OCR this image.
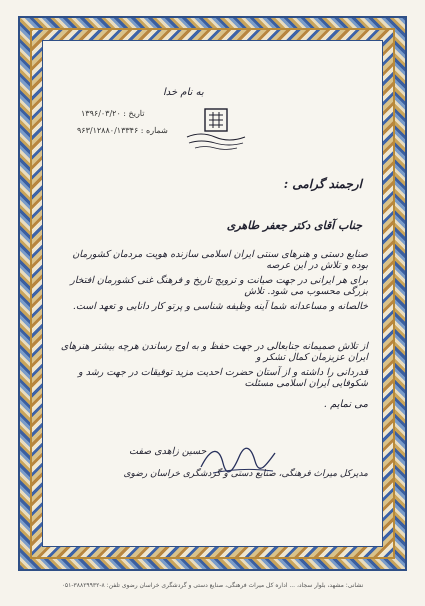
به نام خدا
تاریخ : ۱۳۹۶/۰۳/۲۰
شماره : ۹۶۳/۱۲۸۸۰/۱۳۳۴۶
ارجمند گرامی :
جناب آقای دکتر جعفر طاهری
صنایع دستی و هنرهای سنتی ایران اسلامی سازنده هویت مردمان کشورمان بوده و تلاش در این عرصه
برای هر ایرانی در جهت صیانت و ترویج تاریخ و فرهنگ غنی کشورمان افتخار بزرگی محسوب می شود. تلاش
خالصانه و مساعدانه شما آینه وظیفه شناسی و پرتو کار دانایی و تعهد است.
از تلاش صمیمانه جنابعالی در جهت حفظ و به اوج رساندن هرچه بیشتر هنرهای ایران عزیزمان کمال تشکر و
قدردانی را داشته و از آستان حضرت احدیت مزید توفیقات در جهت رشد و شکوفایی ایران اسلامی مسئلت
می نمایم .
حسین زاهدی صفت
مدیرکل میراث فرهنگی، صنایع دستی و گردشگری خراسان رضوی
نشانی: مشهد، بلوار سجاد، ... اداره کل میراث فرهنگی، صنایع دستی و گردشگری خراسان رضوی تلفن: ۸-۳۸۸۲۹۹۳۲-۰۵۱
